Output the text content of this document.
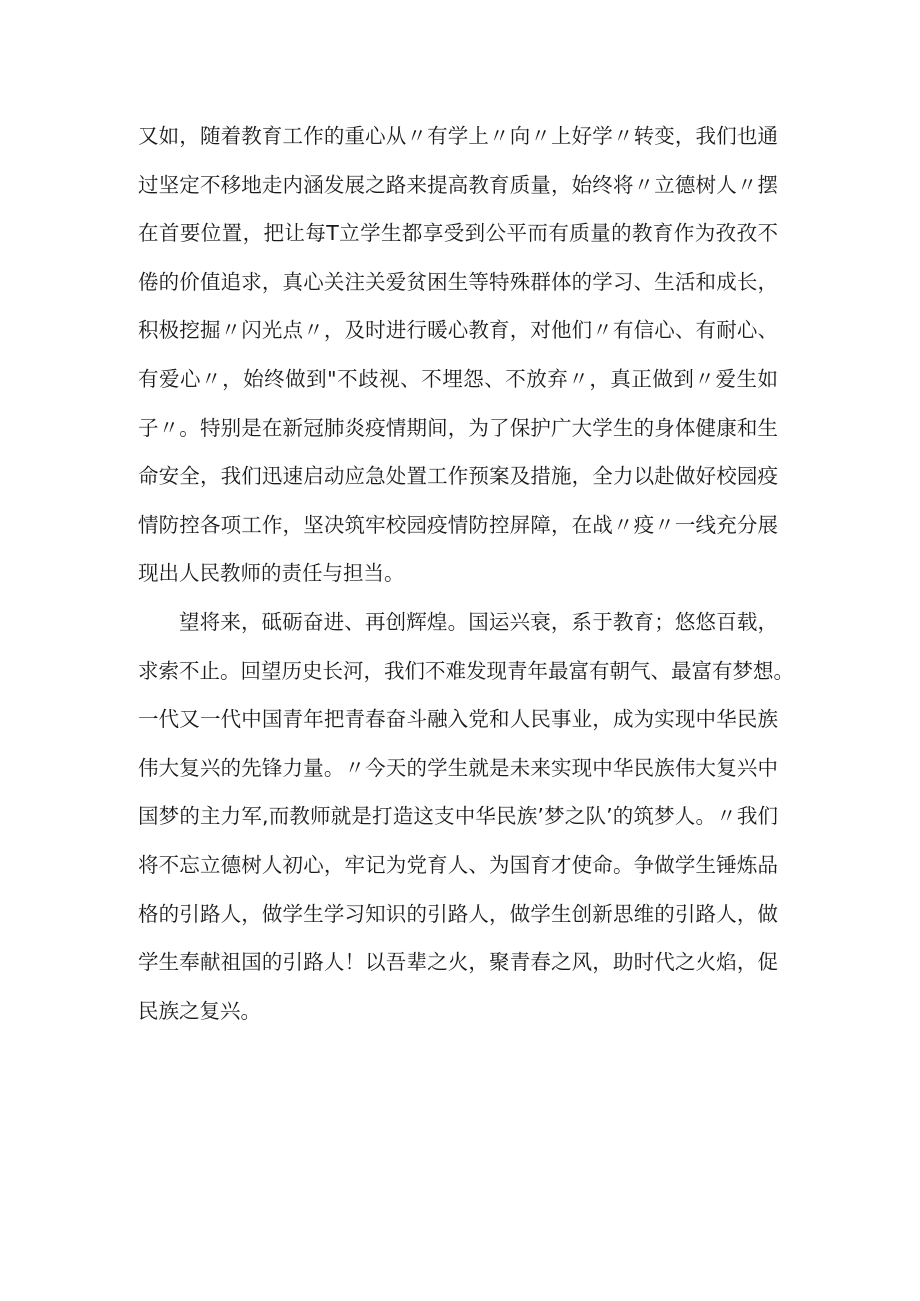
又如，随着教育工作的重心从〃有学上〃向〃上好学〃转变，我们也通
过坚定不移地走内涵发展之路来提高教育质量，始终将〃立德树人〃摆
在首要位置，把让每T立学生都享受到公平而有质量的教育作为孜孜不
倦的价值追求，真心关注关爱贫困生等特殊群体的学习、生活和成长，
积极挖掘〃闪光点〃，及时进行暖心教育，对他们〃有信心、有耐心、
有爱心〃，始终做到"不歧视、不埋怨、不放弃〃，真正做到〃爱生如
子〃。特别是在新冠肺炎疫情期间，为了保护广大学生的身体健康和生
命安全，我们迅速启动应急处置工作预案及措施，全力以赴做好校园疫
情防控各项工作，坚决筑牢校园疫情防控屏障，在战〃疫〃一线充分展
现出人民教师的责任与担当。
望将来，砥砺奋进、再创辉煌。国运兴衰，系于教育；悠悠百载，
求索不止。回望历史长河，我们不难发现青年最富有朝气、最富有梦想。
一代又一代中国青年把青春奋斗融入党和人民事业，成为实现中华民族
伟大复兴的先锋力量。〃今天的学生就是未来实现中华民族伟大复兴中
国梦的主力军,而教师就是打造这支中华民族’梦之队’的筑梦人。〃我们
将不忘立德树人初心，牢记为党育人、为国育才使命。争做学生锤炼品
格的引路人，做学生学习知识的引路人，做学生创新思维的引路人，做
学生奉献祖国的引路人！以吾辈之火，聚青春之风，助时代之火焰，促
民族之复兴。
